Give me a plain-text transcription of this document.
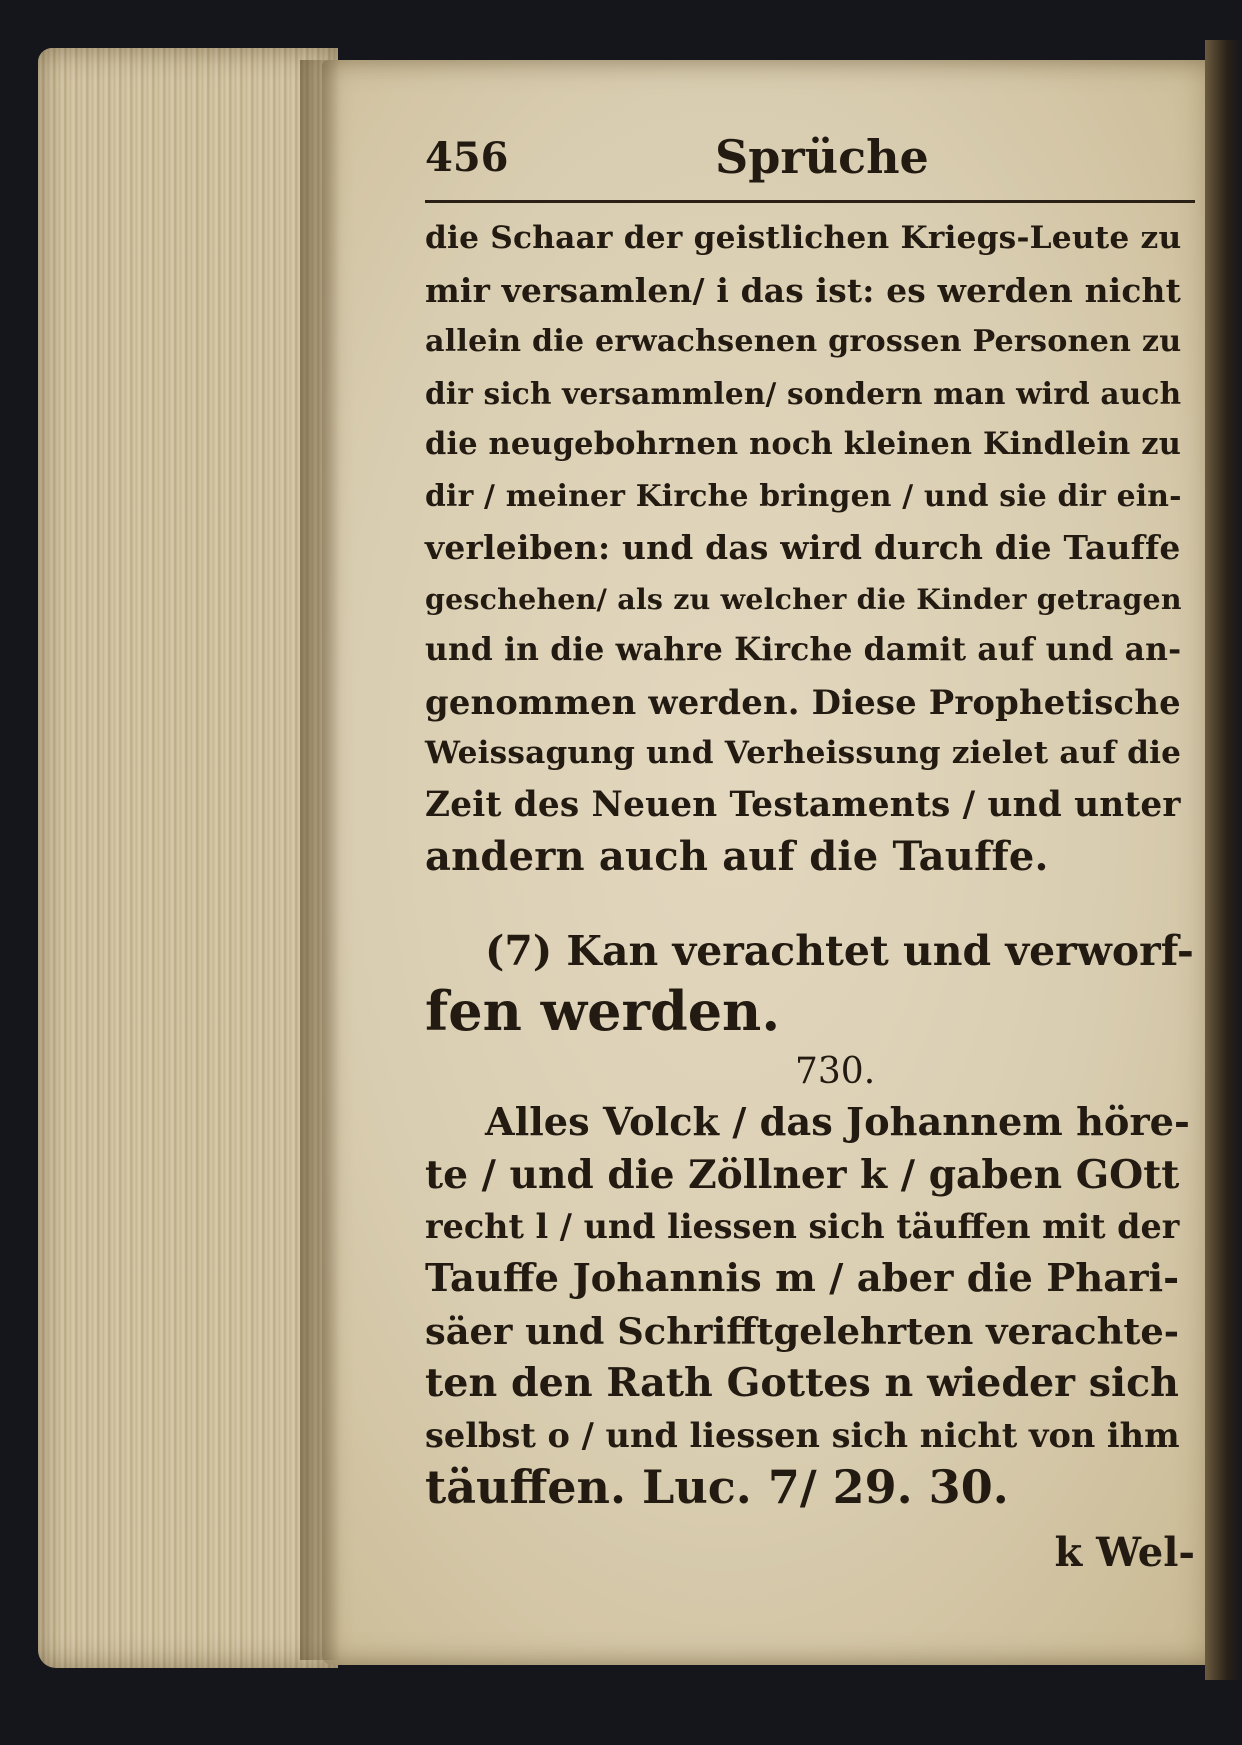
456	Sprüche
die Schaar der geistlichen Kriegs-Leute zu
mir versamlen/ i das ist: es werden nicht
allein die erwachsenen grossen Personen zu
dir sich versammlen/ sondern man wird auch
die neugebohrnen noch kleinen Kindlein zu
dir / meiner Kirche bringen / und sie dir ein-
verleiben: und das wird durch die Tauffe
geschehen/ als zu welcher die Kinder getragen
und in die wahre Kirche damit auf und an-
genommen werden. Diese Prophetische
Weissagung und Verheissung zielet auf die
Zeit des Neuen Testaments / und unter
andern auch auf die Tauffe.
(7) Kan verachtet und verworf-
fen werden.
730.
Alles Volck / das Johannem höre-
te / und die Zöllner k / gaben GOtt
recht l / und liessen sich täuffen mit der
Tauffe Johannis m / aber die Phari-
säer und Schrifftgelehrten verachte-
ten den Rath Gottes n wieder sich
selbst o / und liessen sich nicht von ihm
täuffen. Luc. 7/ 29. 30.
k Wel-
